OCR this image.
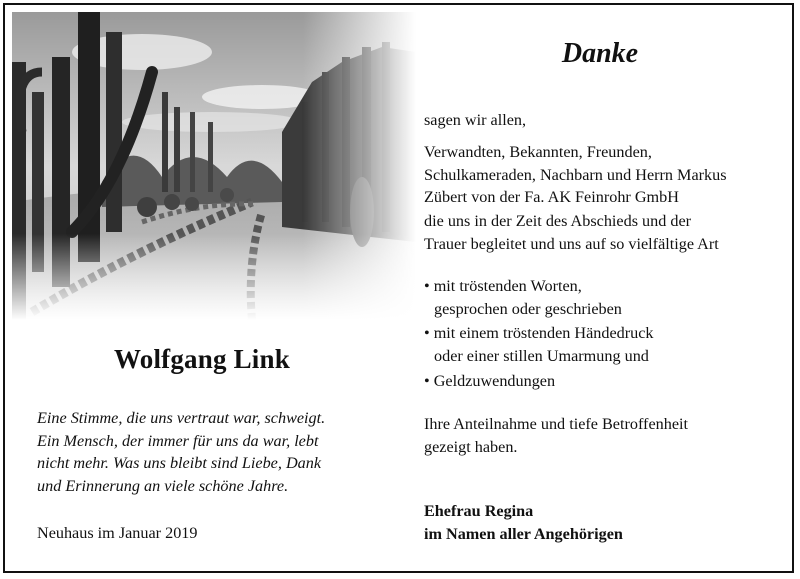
Wolfgang Link
Eine Stimme, die uns vertraut war, schweigt.
Ein Mensch, der immer für uns da war, lebt
nicht mehr. Was uns bleibt sind Liebe, Dank
und Erinnerung an viele schöne Jahre.
Neuhaus im Januar 2019
Danke
sagen wir allen,
Verwandten, Bekannten, Freunden,
Schulkameraden, Nachbarn und Herrn Markus
Zübert von der Fa. AK Feinrohr GmbH
die uns in der Zeit des Abschieds und der
Trauer begleitet und uns auf so vielfältige Art
• mit tröstenden Worten,
gesprochen oder geschrieben
• mit einem tröstenden Händedruck
oder einer stillen Umarmung und
• Geldzuwendungen
Ihre Anteilnahme und tiefe Betroffenheit
gezeigt haben.
Ehefrau Regina
im Namen aller Angehörigen
